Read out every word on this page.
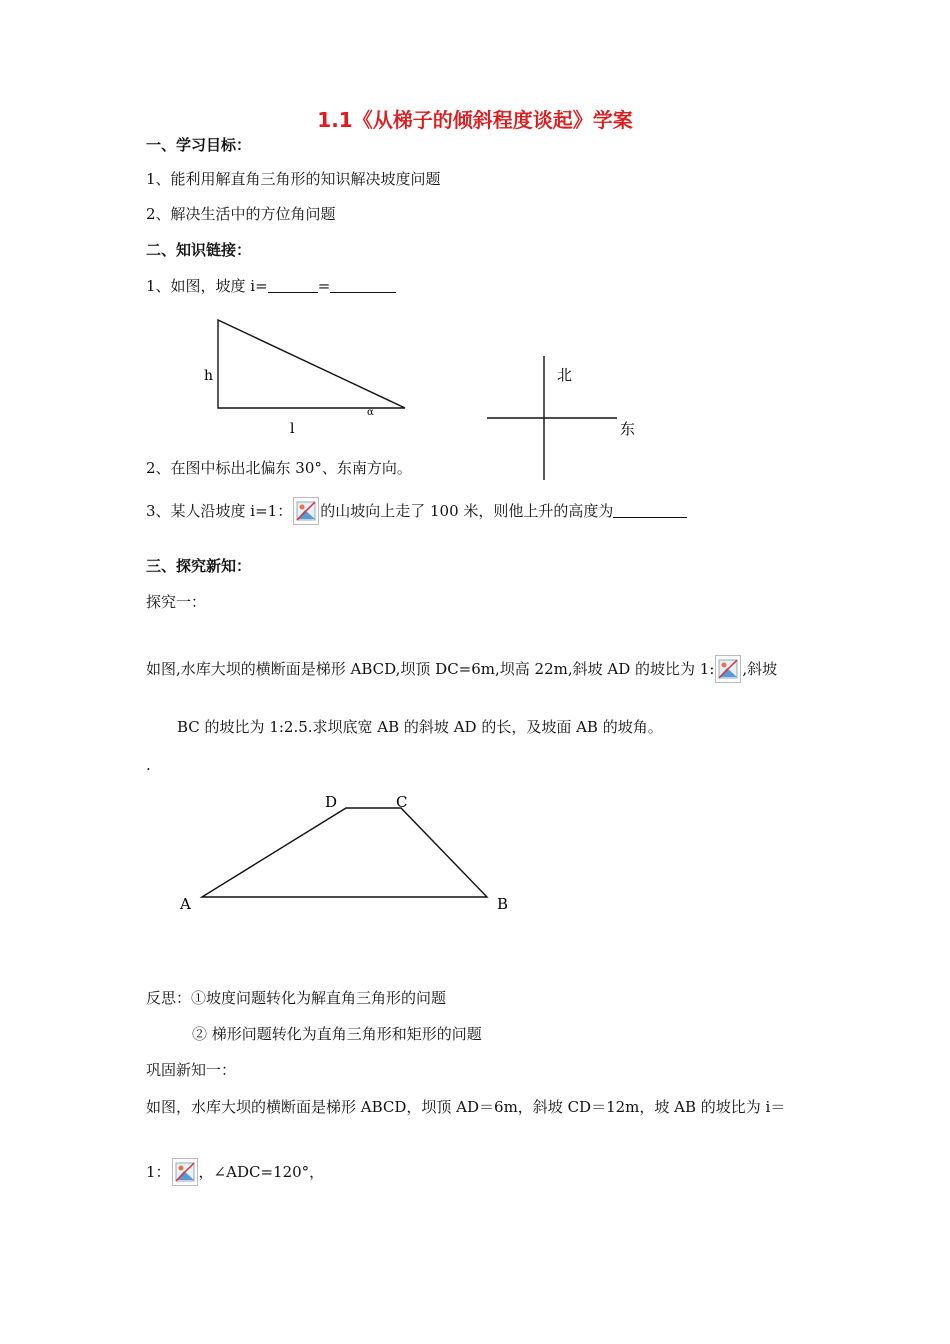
1.1《从梯子的倾斜程度谈起》学案
一、学习目标：
1、能利用解直角三角形的知识解决坡度问题
2、解决生活中的方位角问题
二、知识链接：
1、如图，坡度 i=	=
h
l
α
北
东
2、在图中标出北偏东 30°、东南方向。
3、某人沿坡度 i=1： 的山坡向上走了 100 米，则他上升的高度为
三、探究新知：
探究一：
如图,水库大坝的横断面是梯形 ABCD,坝顶 DC=6m,坝高 22m,斜坡 AD 的坡比为 1: ,斜坡
BC 的坡比为 1:2.5.求坝底宽 AB 的斜坡 AD 的长，及坡面 AB 的坡角。
.
A	B
C
D
反思：①坡度问题转化为解直角三角形的问题
② 梯形问题转化为直角三角形和矩形的问题
巩固新知一：
如图，水库大坝的横断面是梯形 ABCD，坝顶 AD＝6m，斜坡 CD＝12m，坡 AB 的坡比为 i＝
1： ，∠ADC=120°，
